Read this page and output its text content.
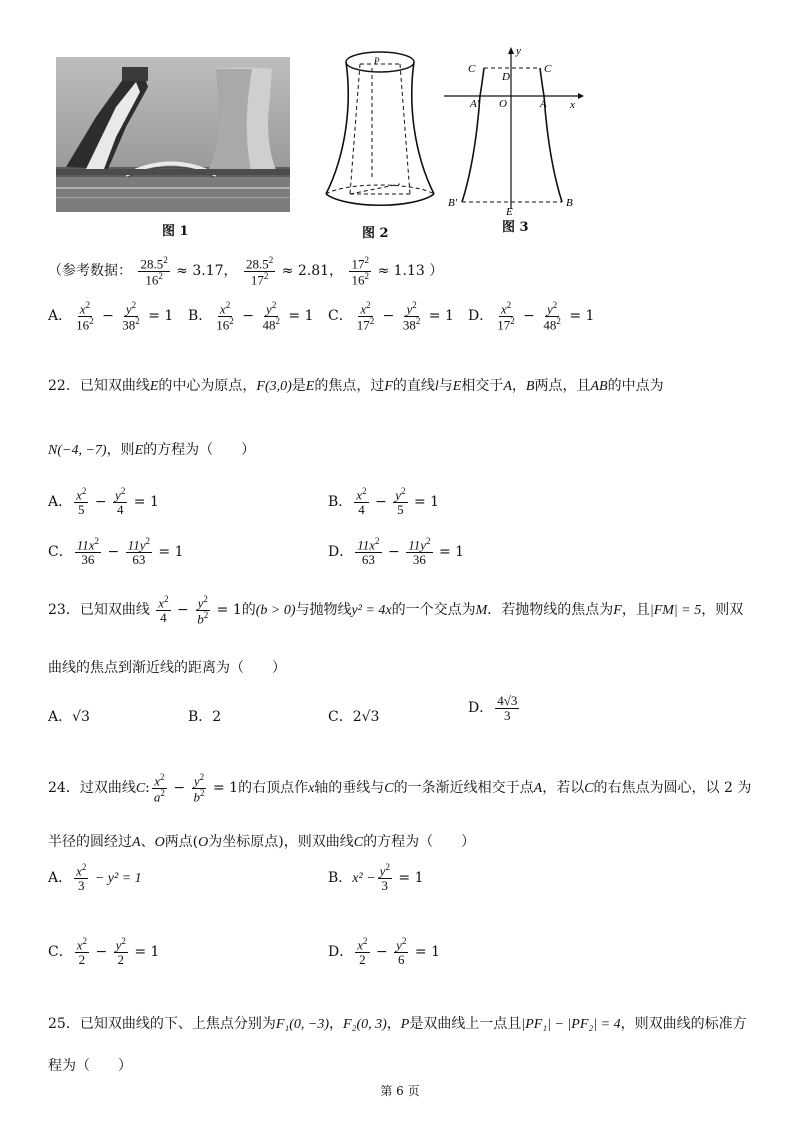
图 1
P
图 2
C
D
C
y
A' O	A x
B'
E
B
图 3
（参考数据： $\frac{28.5^2}{16^2} \approx 3.17$， $\frac{28.5^2}{17^2} \approx 2.81$， $\frac{17^2}{16^2} \approx 1.13$ ）
A． $\frac{x^2}{16^2} - \frac{y^2}{38^2} = 1$ B． $\frac{x^2}{16^2} - \frac{y^2}{48^2} = 1$ C． $\frac{x^2}{17^2} - \frac{y^2}{38^2} = 1$ D． $\frac{x^2}{17^2} - \frac{y^2}{48^2} = 1$
22．已知双曲线E的中心为原点，F(3,0)是E的焦点，过F的直线l与E相交于A，B两点，且AB的中点为
N(−4, −7)，则E的方程为（　　）
A． $\frac{x^2}{5} - \frac{y^2}{4} = 1$	B． $\frac{x^2}{4} - \frac{y^2}{5} = 1$
C． $\frac{11x^2}{36} - \frac{11y^2}{63} = 1$	D． $\frac{11x^2}{63} - \frac{11y^2}{36} = 1$
23．已知双曲线 $\frac{x^2}{4} - \frac{y^2}{b^2} = 1$的(b > 0)与抛物线y² = 4x的一个交点为M．若抛物线的焦点为F，且|FM| = 5，则双
曲线的焦点到渐近线的距离为（　　）
A．√3	B．2	C．2√3
D． $\frac{4√3}{3}$
24．过双曲线C: $\frac{x^2}{a^2} - \frac{y^2}{b^2} = 1$的右顶点作x轴的垂线与C的一条渐近线相交于点A，若以C的右焦点为圆心，以 2 为
半径的圆经过A、O两点(O为坐标原点)，则双曲线C的方程为（　　）
A． $\frac{x^2}{3} - y^2 = 1$	B．$x^2 - \frac{y^2}{3} = 1$
C． $\frac{x^2}{2} - \frac{y^2}{2} = 1$	D． $\frac{x^2}{2} - \frac{y^2}{6} = 1$
25．已知双曲线的下、上焦点分别为F₁(0, −3)，F₂(0, 3)，P是双曲线上一点且|PF₁| − |PF₂| = 4，则双曲线的标准方
程为（　　）
第 6 页
